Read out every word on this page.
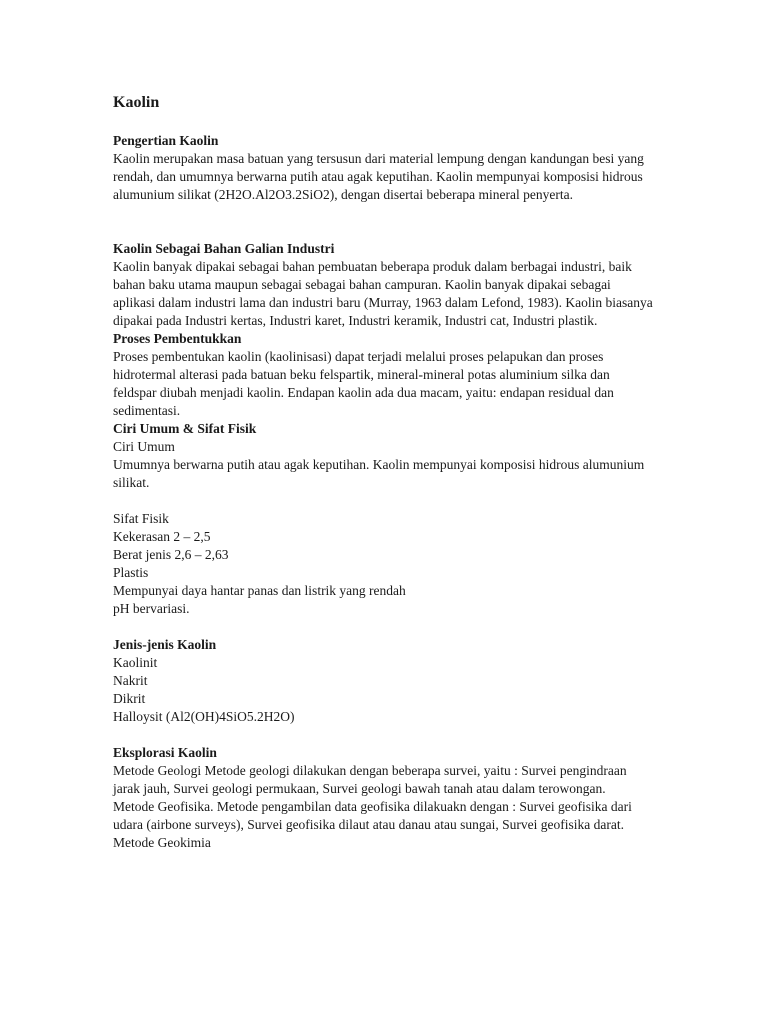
Kaolin

Pengertian Kaolin

Kaolin merupakan masa batuan yang tersusun dari material lempung dengan kandungan besi yang rendah, dan umumnya berwarna putih atau agak keputihan. Kaolin mempunyai komposisi hidrous alumunium silikat (2H2O.Al2O3.2SiO2), dengan disertai beberapa mineral penyerta.

Kaolin Sebagai Bahan Galian Industri

Kaolin banyak dipakai sebagai bahan pembuatan beberapa produk dalam berbagai industri, baik bahan baku utama maupun sebagai sebagai bahan campuran. Kaolin banyak dipakai sebagai aplikasi dalam industri lama dan industri baru (Murray, 1963 dalam Lefond, 1983). Kaolin biasanya dipakai pada Industri kertas, Industri karet, Industri keramik, Industri cat, Industri plastik.

Proses Pembentukkan

Proses pembentukan kaolin (kaolinisasi) dapat terjadi melalui proses pelapukan dan proses hidrotermal alterasi pada batuan beku felspartik, mineral-mineral potas aluminium silka dan feldspar diubah menjadi kaolin. Endapan kaolin ada dua macam, yaitu: endapan residual dan sedimentasi.

Ciri Umum & Sifat Fisik

Ciri Umum

Umumnya berwarna putih atau agak keputihan. Kaolin mempunyai komposisi hidrous alumunium silikat.

Sifat Fisik

Kekerasan 2 – 2,5

Berat jenis 2,6 – 2,63

Plastis

Mempunyai daya hantar panas dan listrik yang rendah

pH bervariasi.

Jenis-jenis Kaolin

Kaolinit

Nakrit

Dikrit

Halloysit (Al2(OH)4SiO5.2H2O)

Eksplorasi Kaolin

Metode Geologi Metode geologi dilakukan dengan beberapa survei, yaitu : Survei pengindraan jarak jauh, Survei geologi permukaan, Survei geologi bawah tanah atau dalam terowongan.

Metode Geofisika. Metode pengambilan data geofisika dilakuakn dengan : Survei geofisika dari udara (airbone surveys), Survei geofisika dilaut atau danau atau sungai, Survei geofisika darat.

Metode Geokimia
